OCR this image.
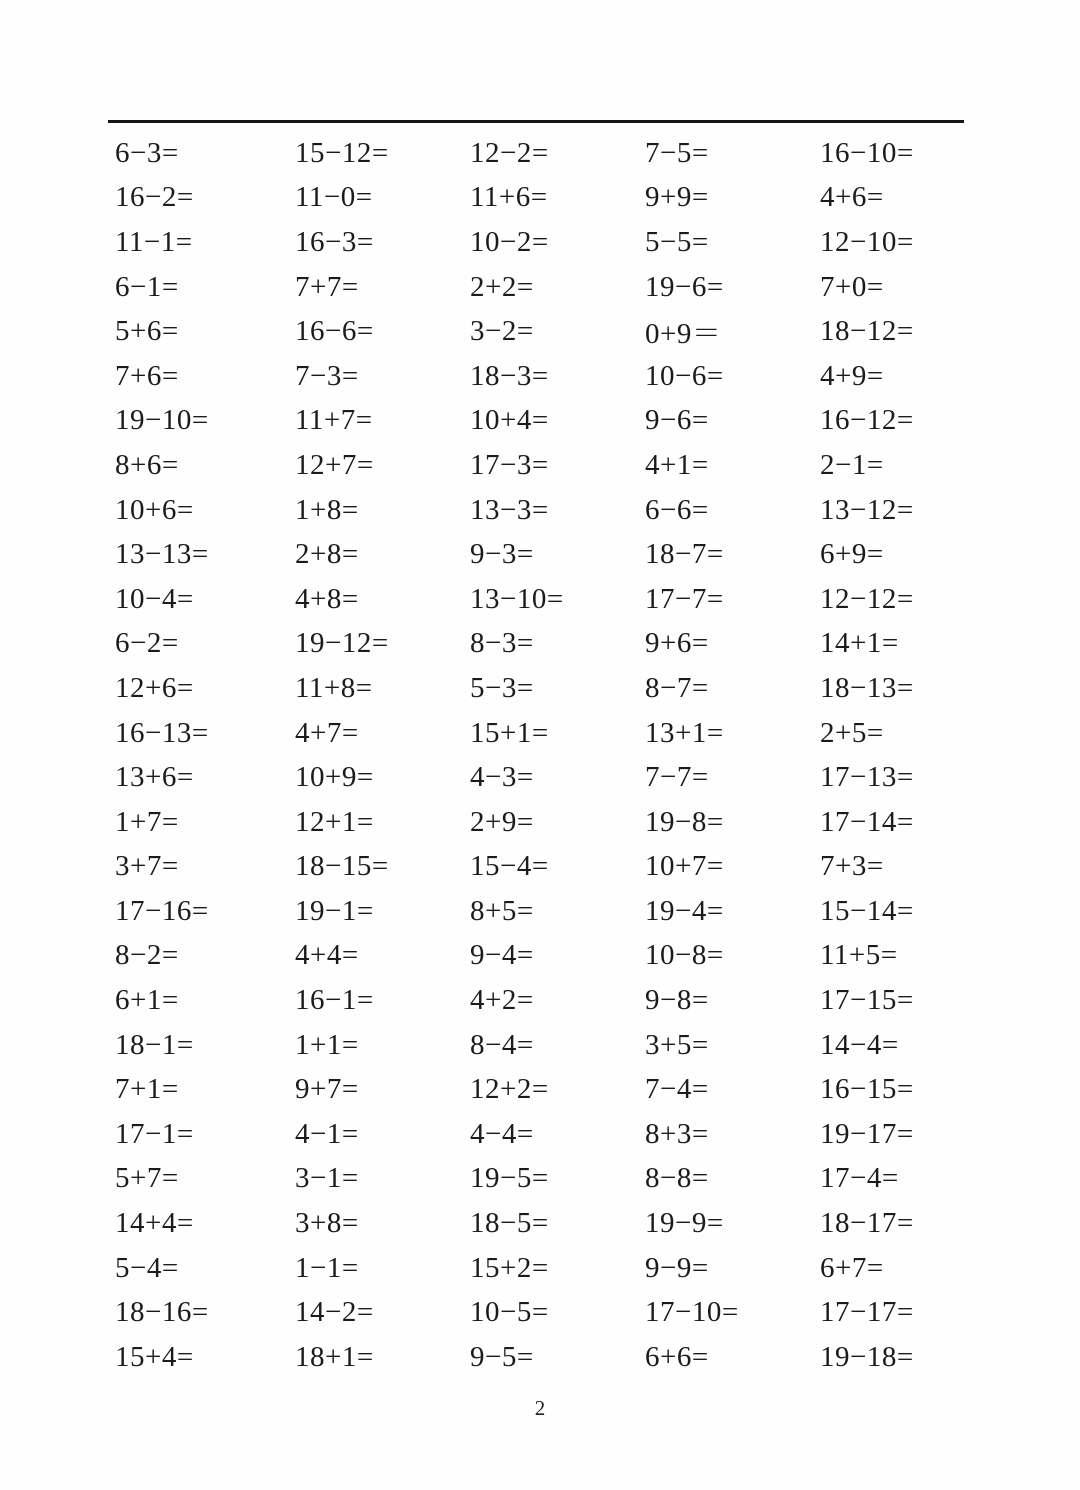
6−3=	15−12=	12−2=	7−5=	16−10=
16−2=	11−0=	11+6=	9+9=	4+6=
11−1=	16−3=	10−2=	5−5=	12−10=
6−1=	7+7=	2+2=	19−6=	7+0=
5+6=	16−6=	3−2=	0+9＝	18−12=
7+6=	7−3=	18−3=	10−6=	4+9=
19−10=	11+7=	10+4=	9−6=	16−12=
8+6=	12+7=	17−3=	4+1=	2−1=
10+6=	1+8=	13−3=	6−6=	13−12=
13−13=	2+8=	9−3=	18−7=	6+9=
10−4=	4+8=	13−10=	17−7=	12−12=
6−2=	19−12=	8−3=	9+6=	14+1=
12+6=	11+8=	5−3=	8−7=	18−13=
16−13=	4+7=	15+1=	13+1=	2+5=
13+6=	10+9=	4−3=	7−7=	17−13=
1+7=	12+1=	2+9=	19−8=	17−14=
3+7=	18−15=	15−4=	10+7=	7+3=
17−16=	19−1=	8+5=	19−4=	15−14=
8−2=	4+4=	9−4=	10−8=	11+5=
6+1=	16−1=	4+2=	9−8=	17−15=
18−1=	1+1=	8−4=	3+5=	14−4=
7+1=	9+7=	12+2=	7−4=	16−15=
17−1=	4−1=	4−4=	8+3=	19−17=
5+7=	3−1=	19−5=	8−8=	17−4=
14+4=	3+8=	18−5=	19−9=	18−17=
5−4=	1−1=	15+2=	9−9=	6+7=
18−16=	14−2=	10−5=	17−10=	17−17=
15+4=	18+1=	9−5=	6+6=	19−18=
2
